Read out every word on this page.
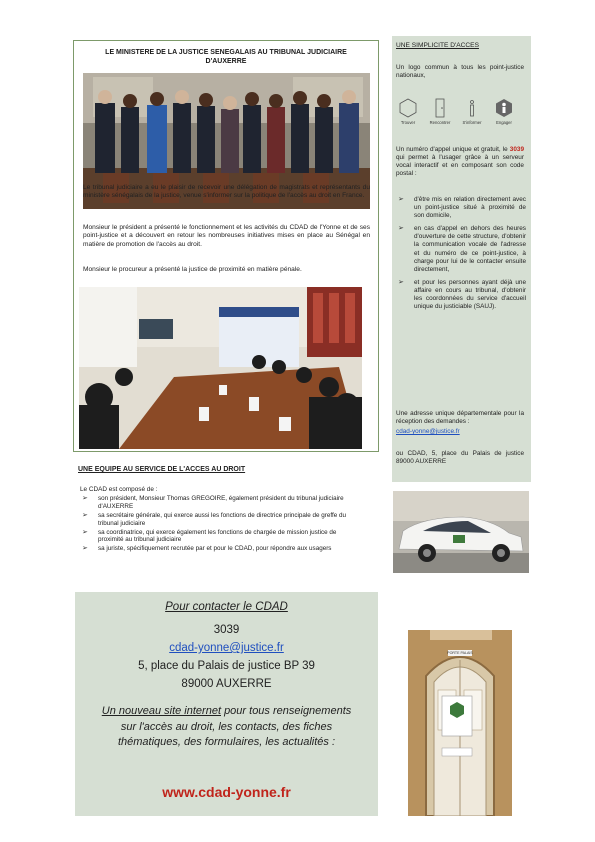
LE MINISTERE DE LA JUSTICE SENEGALAIS AU TRIBUNAL JUDICIAIRE D'AUXERRE
Le tribunal judiciaire a eu le plaisir de recevoir une délégation de magistrats et représentants du ministère sénégalais de la justice, venue s'informer sur la politique de l'accès au droit en France.
Monsieur le président a présenté le fonctionnement et les activités du CDAD de l'Yonne et de ses point-justice et a découvert en retour les nombreuses initiatives mises en place au Sénégal en matière de promotion de l'accès au droit.
Monsieur le procureur a présenté la justice de proximité en matière pénale.
UNE EQUIPE AU SERVICE DE L'ACCES AU DROIT
Le CDAD est composé de :
➢ son président, Monsieur Thomas GREGOIRE, également président du tribunal judiciaire d'AUXERRE
➢ sa secrétaire générale, qui exerce aussi les fonctions de directrice principale de greffe du tribunal judiciaire
➢ sa coordinatrice, qui exerce également les fonctions de chargée de mission justice de proximité au tribunal judiciaire
➢ sa juriste, spécifiquement recrutée par et pour le CDAD, pour répondre aux usagers
Pour contacter le CDAD
3039
cdad-yonne@justice.fr
5, place du Palais de justice BP 39
89000 AUXERRE
Un nouveau site internet pour tous renseignements sur l'accès au droit, les contacts, des fiches thématiques, des formulaires, les actualités :
www.cdad-yonne.fr
UNE SIMPLICITE D'ACCES
Un logo commun à tous les point-justice nationaux,
Trouver	Rencontrer	S'informer	Engager
Un numéro d'appel unique et gratuit, le 3039 qui permet à l'usager grâce à un serveur vocal interactif et en composant son code postal :
➢ d'être mis en relation directement avec un point-justice situé à proximité de son domicile,
➢ en cas d'appel en dehors des heures d'ouverture de cette structure, d'obtenir la communication vocale de l'adresse et du numéro de ce point-justice, à charge pour lui de le contacter ensuite directement,
➢ et pour les personnes ayant déjà une affaire en cours au tribunal, d'obtenir les coordonnées du service d'accueil unique du justiciable (SAUJ).
Une adresse unique départementale pour la réception des demandes :
cdad-yonne@justice.fr
ou CDAD, 5, place du Palais de justice 89000 AUXERRE
PORTE PALAIS
